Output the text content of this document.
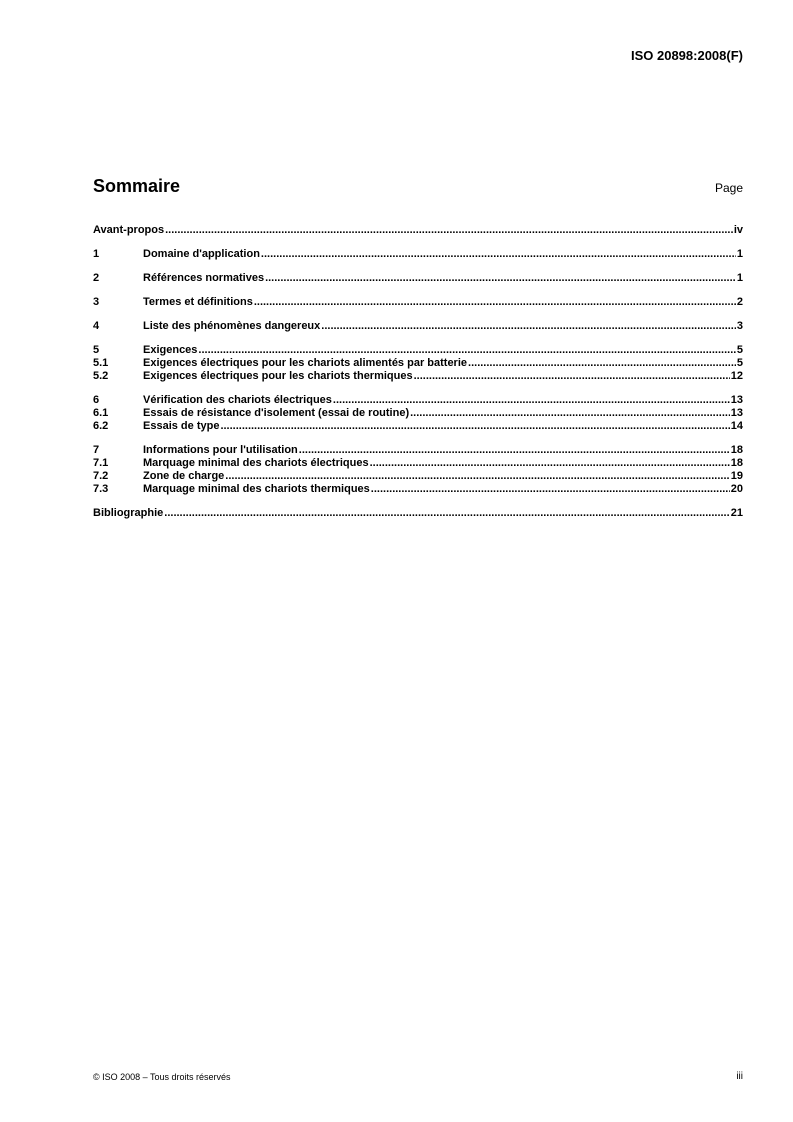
ISO 20898:2008(F)
Sommaire	Page
Avant-propos .....	iv
1	Domaine d'application .....	1
2	Références normatives .....	1
3	Termes et définitions .....	2
4	Liste des phénomènes dangereux .....	3
5	Exigences .....	5
5.1	Exigences électriques pour les chariots alimentés par batterie .....	5
5.2	Exigences électriques pour les chariots thermiques .....	12
6	Vérification des chariots électriques .....	13
6.1	Essais de résistance d'isolement (essai de routine) .....	13
6.2	Essais de type .....	14
7	Informations pour l'utilisation .....	18
7.1	Marquage minimal des chariots électriques .....	18
7.2	Zone de charge .....	19
7.3	Marquage minimal des chariots thermiques .....	20
Bibliographie .....	21
© ISO 2008 – Tous droits réservés	iii
